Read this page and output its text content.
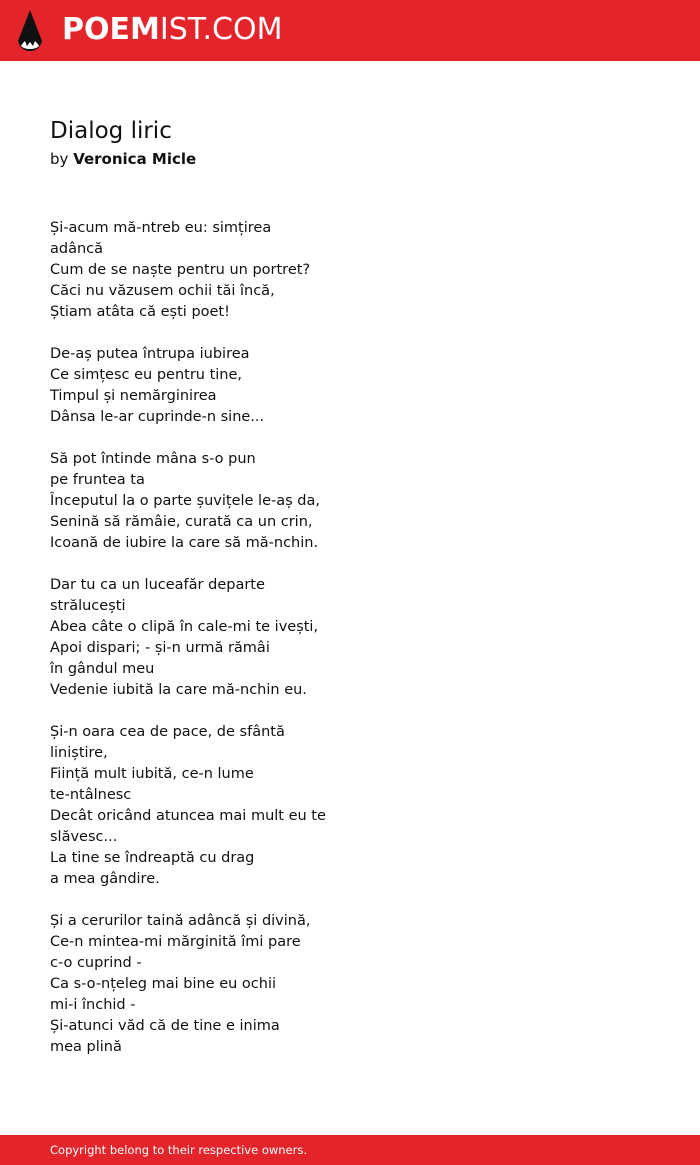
POEMIST.COM
Dialog liric
by Veronica Micle
Și-acum mă-ntreb eu: simțirea
adâncă
Cum de se naște pentru un portret?
Căci nu văzusem ochii tăi încă,
Știam atâta că ești poet!
De-aș putea întrupa iubirea
Ce simțesc eu pentru tine,
Timpul și nemărginirea
Dânsa le-ar cuprinde-n sine...
Să pot întinde mâna s-o pun
pe fruntea ta
Începutul la o parte șuvițele le-aș da,
Senină să rămâie, curată ca un crin,
Icoană de iubire la care să mă-nchin.
Dar tu ca un luceafăr departe
strălucești
Abea câte o clipă în cale-mi te ivești,
Apoi dispari; - și-n urmă rămâi
în gândul meu
Vedenie iubită la care mă-nchin eu.
Și-n oara cea de pace, de sfântă
liniștire,
Ființă mult iubită, ce-n lume
te-ntâlnesc
Decât oricând atuncea mai mult eu te
slăvesc...
La tine se îndreaptă cu drag
a mea gândire.
Și a cerurilor taină adâncă și divină,
Ce-n mintea-mi mărginită îmi pare
c-o cuprind -
Ca s-o-nțeleg mai bine eu ochii
mi-i închid -
Și-atunci văd că de tine e inima
mea plină
Copyright belong to their respective owners.
